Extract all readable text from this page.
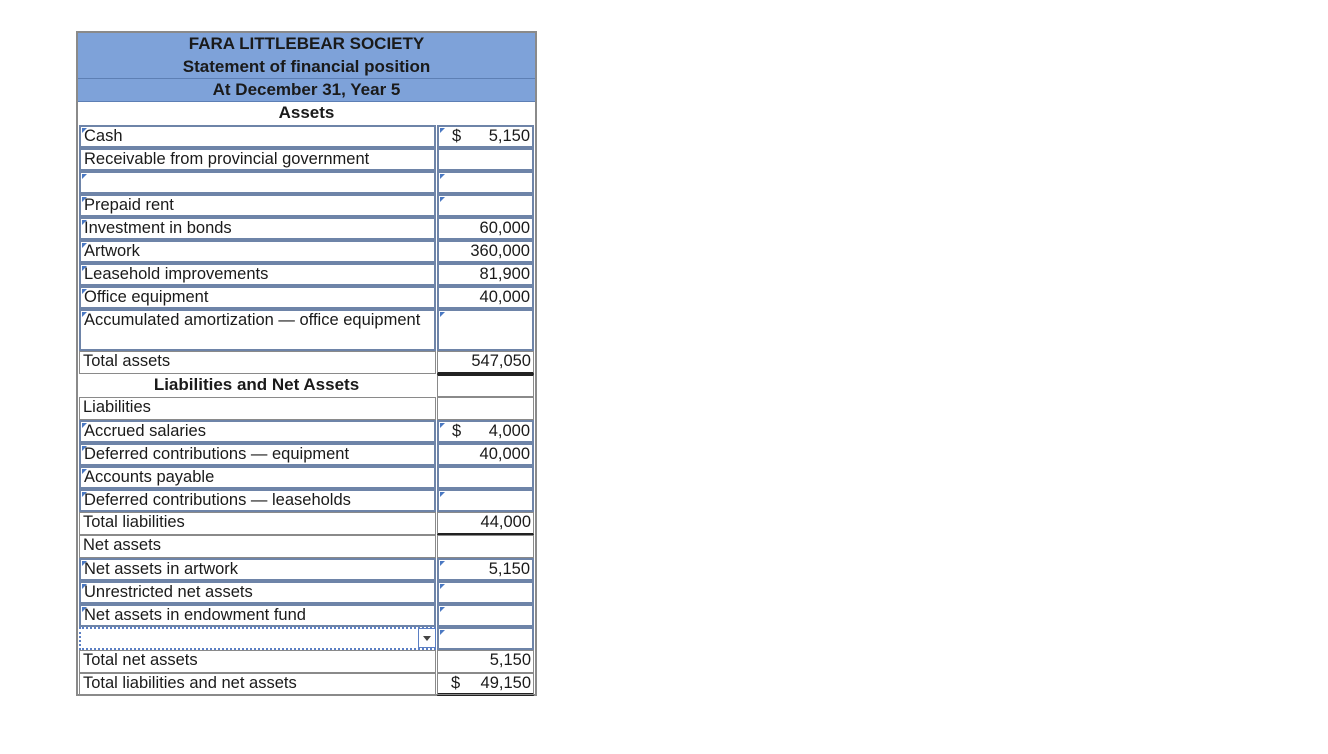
FARA LITTLEBEAR SOCIETY
Statement of financial position
At December 31, Year 5
Assets
Cash	$ 5,150
Receivable from provincial government
Prepaid rent
Investment in bonds	60,000
Artwork	360,000
Leasehold improvements	81,900
Office equipment	40,000
Accumulated amortization — office equipment
Total assets	547,050
Liabilities and Net Assets
Liabilities
Accrued salaries	$ 4,000
Deferred contributions — equipment	40,000
Accounts payable
Deferred contributions — leaseholds
Total liabilities	44,000
Net assets
Net assets in artwork	5,150
Unrestricted net assets
Net assets in endowment fund
Total net assets	5,150
Total liabilities and net assets	$ 49,150
